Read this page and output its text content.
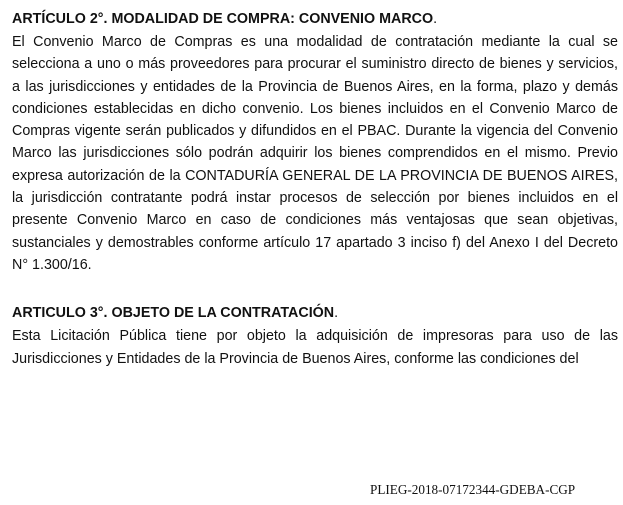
ARTÍCULO 2°. MODALIDAD DE COMPRA: CONVENIO MARCO.

El Convenio Marco de Compras es una modalidad de contratación mediante la cual se selecciona a uno o más proveedores para procurar el suministro directo de bienes y servicios, a las jurisdicciones y entidades de la Provincia de Buenos Aires, en la forma, plazo y demás condiciones establecidas en dicho convenio. Los bienes incluidos en el Convenio Marco de Compras vigente serán publicados y difundidos en el PBAC. Durante la vigencia del Convenio Marco las jurisdicciones sólo podrán adquirir los bienes comprendidos en el mismo. Previo expresa autorización de la CONTADURÍA GENERAL DE LA PROVINCIA DE BUENOS AIRES, la jurisdicción contratante podrá instar procesos de selección por bienes incluidos en el presente Convenio Marco en caso de condiciones más ventajosas que sean objetivas, sustanciales y demostrables conforme artículo 17 apartado 3 inciso f) del Anexo I del Decreto N° 1.300/16.

ARTICULO 3°. OBJETO DE LA CONTRATACIÓN.

Esta Licitación Pública tiene por objeto la adquisición de impresoras para uso de las Jurisdicciones y Entidades de la Provincia de Buenos Aires, conforme las condiciones del

PLIEG-2018-07172344-GDEBA-CGP
